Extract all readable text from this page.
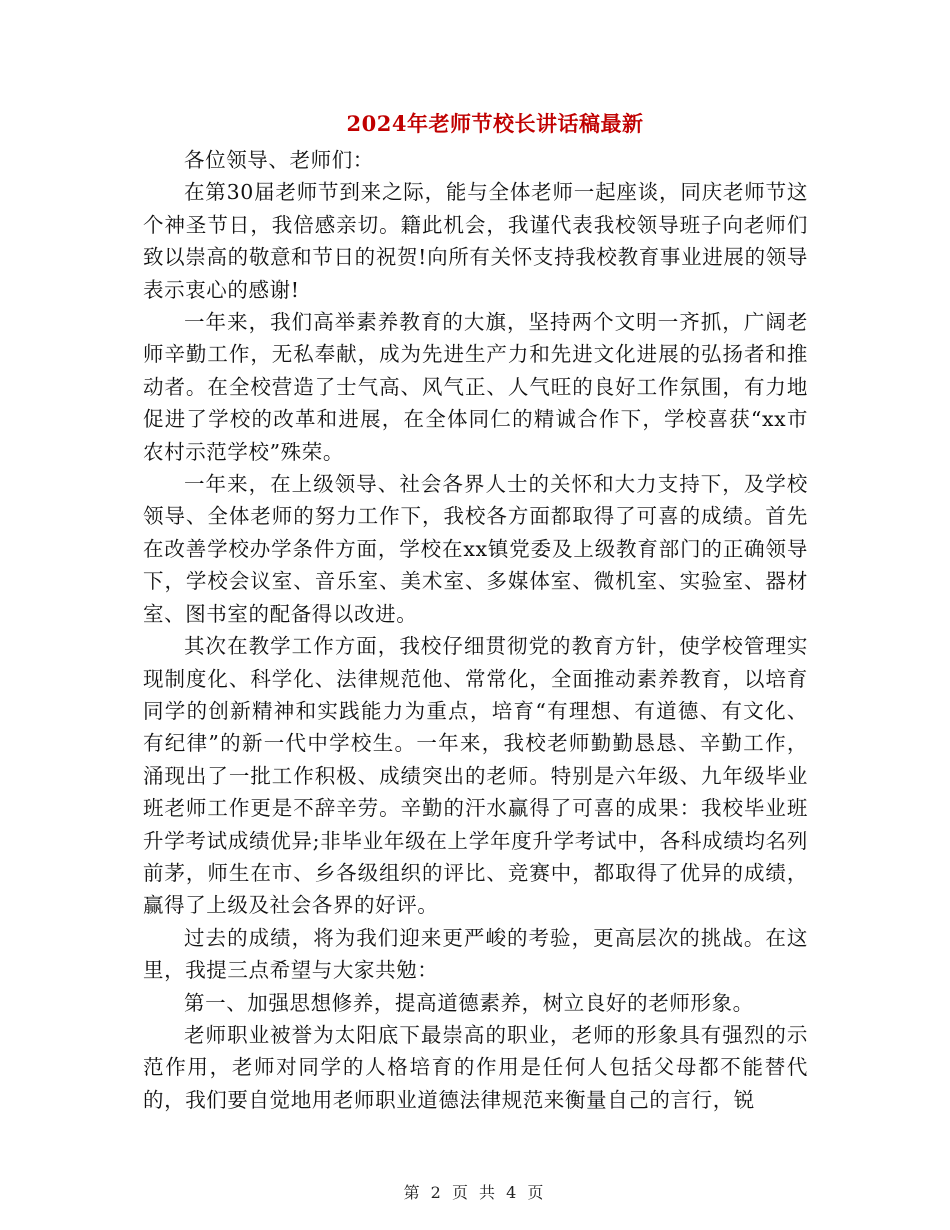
2024年老师节校长讲话稿最新

各位领导、老师们：

在第30届老师节到来之际，能与全体老师一起座谈，同庆老师节这个神圣节日，我倍感亲切。籍此机会，我谨代表我校领导班子向老师们致以崇高的敬意和节日的祝贺!向所有关怀支持我校教育事业进展的领导表示衷心的感谢!

一年来，我们高举素养教育的大旗，坚持两个文明一齐抓，广阔老师辛勤工作，无私奉献，成为先进生产力和先进文化进展的弘扬者和推动者。在全校营造了士气高、风气正、人气旺的良好工作氛围，有力地促进了学校的改革和进展，在全体同仁的精诚合作下，学校喜获“xx市农村示范学校”殊荣。

一年来，在上级领导、社会各界人士的关怀和大力支持下，及学校领导、全体老师的努力工作下，我校各方面都取得了可喜的成绩。首先在改善学校办学条件方面，学校在xx镇党委及上级教育部门的正确领导下，学校会议室、音乐室、美术室、多媒体室、微机室、实验室、器材室、图书室的配备得以改进。

其次在教学工作方面，我校仔细贯彻党的教育方针，使学校管理实现制度化、科学化、法律规范他、常常化，全面推动素养教育，以培育同学的创新精神和实践能力为重点，培育“有理想、有道德、有文化、有纪律”的新一代中学校生。一年来，我校老师勤勤恳恳、辛勤工作，涌现出了一批工作积极、成绩突出的老师。特别是六年级、九年级毕业班老师工作更是不辞辛劳。辛勤的汗水赢得了可喜的成果：我校毕业班升学考试成绩优异;非毕业年级在上学年度升学考试中，各科成绩均名列前茅，师生在市、乡各级组织的评比、竞赛中，都取得了优异的成绩，赢得了上级及社会各界的好评。

过去的成绩，将为我们迎来更严峻的考验，更高层次的挑战。在这里，我提三点希望与大家共勉：

第一、加强思想修养，提高道德素养，树立良好的老师形象。

老师职业被誉为太阳底下最崇高的职业，老师的形象具有强烈的示范作用，老师对同学的人格培育的作用是任何人包括父母都不能替代的，我们要自觉地用老师职业道德法律规范来衡量自己的言行，锐

第 2 页 共 4 页
